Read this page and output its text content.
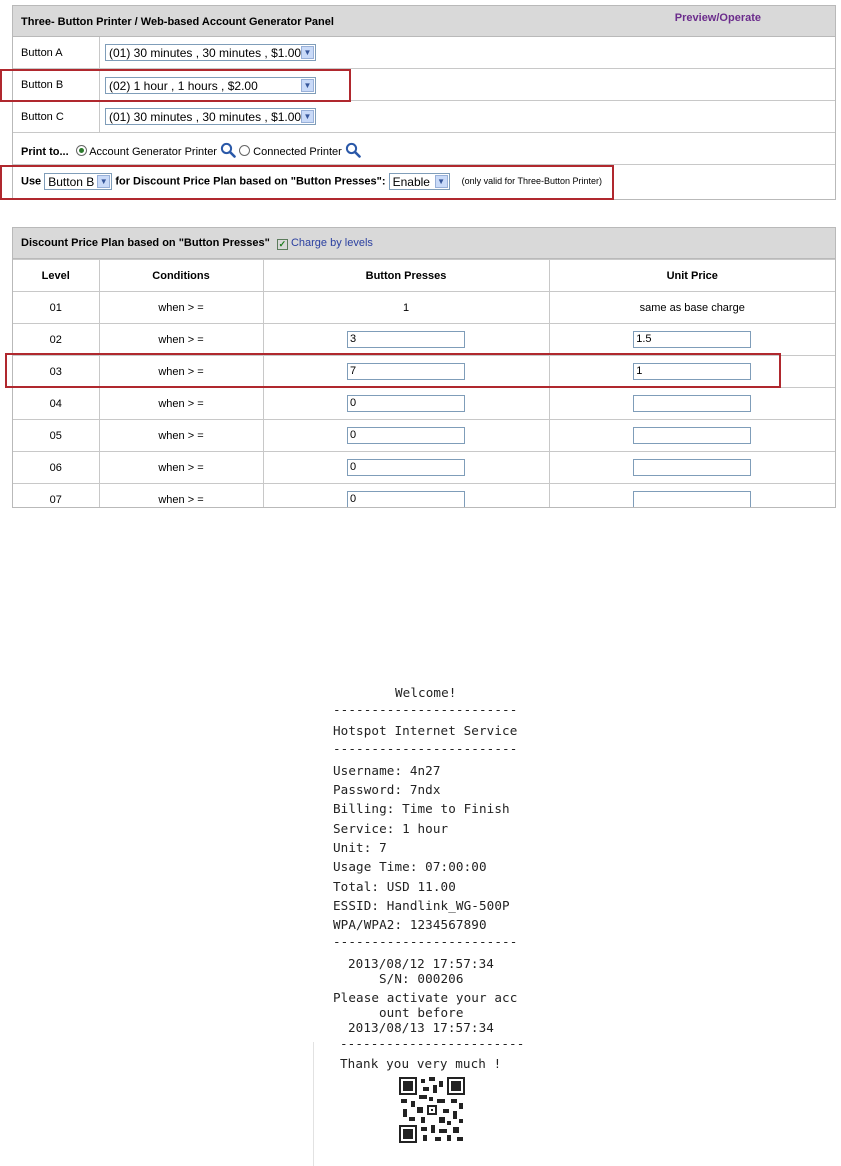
Three- Button Printer / Web-based Account Generator Panel	Preview/Operate
Button A	(01) 30 minutes , 30 minutes , $1.00 ▼
Button B	(02) 1 hour , 1 hours , $2.00	▼
Button C	(01) 30 minutes , 30 minutes , $1.00 ▼
Print to... Account Generator Printer	Connected Printer
Use Button B ▼ for Discount Price Plan based on "Button Presses": Enable ▼ (only valid for Three-Button Printer)
Discount Price Plan based on "Button Presses" ✓ Charge by levels
Level	Conditions	Button Presses	Unit Price
01	when > =	1	same as base charge
02	when > =	3	1.5
03	when > =	7	1
04	when > =	0	
05	when > =	0	
06	when > =	0	
07	when > =	0	
Welcome!
------------------------
Hotspot Internet Service
------------------------
Username: 4n27
Password: 7ndx
Billing: Time to Finish
Service: 1 hour
Unit: 7
Usage Time: 07:00:00
Total: USD 11.00
ESSID: Handlink_WG-500P
WPA/WPA2: 1234567890
------------------------
2013/08/12 17:57:34
S/N: 000206
Please activate your acc
ount before
2013/08/13 17:57:34
------------------------
Thank you very much !
